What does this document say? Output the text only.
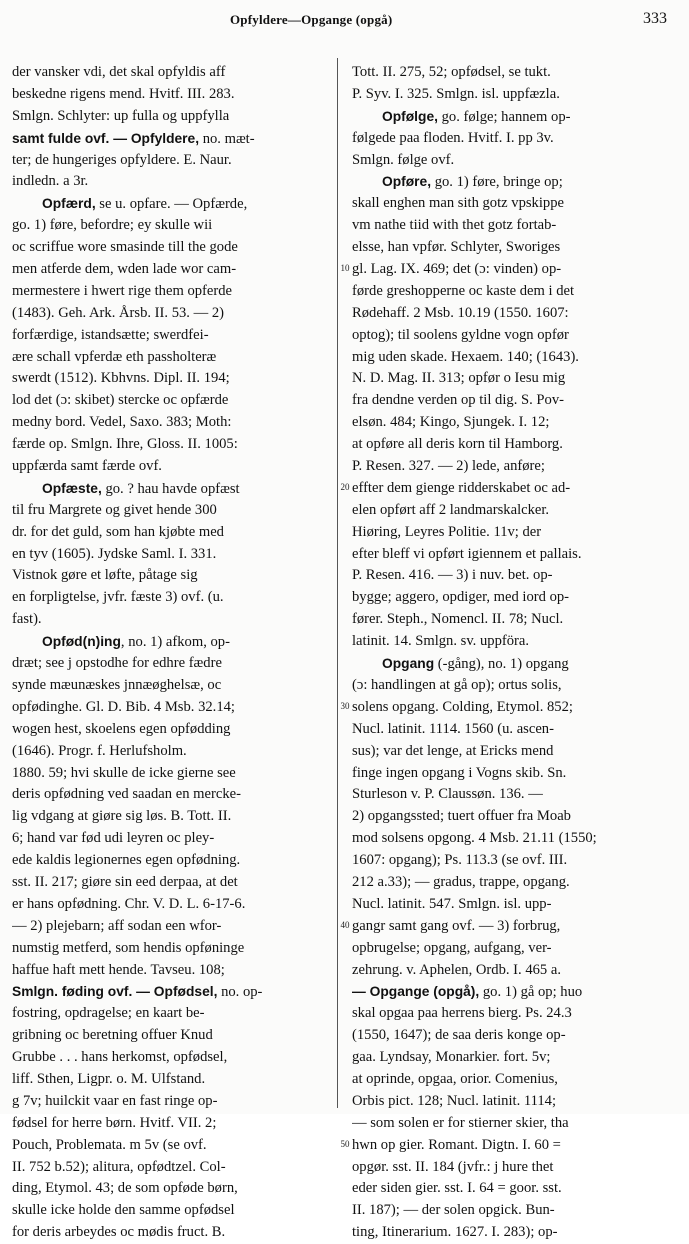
Opfyldere—Opgange (opgå)	333
der vansker vdi, det skal opfyldis aff
beskedne rigens mend. Hvitf. III. 283.
Smlgn. Schlyter: up fulla og uppfylla
samt fulde ovf. — Opfyldere, no. mæt-
ter; de hungeriges opfyldere. E. Naur.
indledn. a 3r.
Opfærd, se u. opfare. — Opfærde,
go. 1) føre, befordre; ey skulle wii
oc scriffue wore smasinde till the gode
men atferde dem, wden lade wor cam-
mermestere i hwert rige them opferde
(1483). Geh. Ark. Årsb. II. 53. — 2)
forfærdige, istandsætte; swerdfei-
ære schall vpferdæ eth passholteræ
swerdt (1512). Kbhvns. Dipl. II. 194;
lod det (ɔ: skibet) stercke oc opfærde
medny bord. Vedel, Saxo. 383; Moth:
færde op. Smlgn. Ihre, Gloss. II. 1005:
uppfærda samt færde ovf.
Opfæste, go. ? hau havde opfæst
til fru Margrete og givet hende 300
dr. for det guld, som han kjøbte med
en tyv (1605). Jydske Saml. I. 331.
Vistnok gøre et løfte, påtage sig
en forpligtelse, jvfr. fæste 3) ovf. (u.
fast).
Opfød(n)ing, no. 1) afkom, op-
dræt; see j opstodhe for edhre fædre
synde mæunæskes jnnæøghelsæ, oc
opfødinghe. Gl. D. Bib. 4 Msb. 32.14;
wogen hest, skoelens egen opfødding
(1646). Progr. f. Herlufsholm.
1880. 59; hvi skulle de icke gierne see
deris opfødning ved saadan en mercke-
lig vdgang at giøre sig løs. B. Tott. II.
6; hand var fød udi leyren oc pley-
ede kaldis legionernes egen opfødning.
sst. II. 217; giøre sin eed derpaa, at det
er hans opfødning. Chr. V. D. L. 6-17-6.
— 2) plejebarn; aff sodan een wfor-
numstig metferd, som hendis opføninge
haffue haft mett hende. Tavseu. 108;
Smlgn. føding ovf. — Opfødsel, no. op-
fostring, opdragelse; en kaart be-
gribning oc beretning offuer Knud
Grubbe . . . hans herkomst, opfødsel,
liff. Sthen, Ligpr. o. M. Ulfstand.
g 7v; huilckit vaar en fast ringe op-
fødsel for herre børn. Hvitf. VII. 2;
Pouch, Problemata. m 5v (se ovf.
II. 752 b.52); alitura, opfødtzel. Col-
ding, Etymol. 43; de som opføde børn,
skulle icke holde den samme opfødsel
for deris arbeydes oc mødis fruct. B.
Tott. II. 275, 52; opfødsel, se tukt.
P. Syv. I. 325. Smlgn. isl. uppfæzla.
Opfølge, go. følge; hannem op-
følgede paa floden. Hvitf. I. pp 3v.
Smlgn. følge ovf.
Opføre, go. 1) føre, bringe op;
skall enghen man sith gotz vpskippe
vm nathe tiid with thet gotz fortab-
elsse, han vpfør. Schlyter, Sworiges
gl. Lag. IX. 469; det (ɔ: vinden) op-
førde greshopperne oc kaste dem i det
Rødehaff. 2 Msb. 10.19 (1550. 1607:
optog); til soolens gyldne vogn opfør
mig uden skade. Hexaem. 140; (1643).
N. D. Mag. II. 313; opfør o Iesu mig
fra dendne verden op til dig. S. Pov-
elsøn. 484; Kingo, Sjungek. I. 12;
at opføre all deris korn til Hamborg.
P. Resen. 327. — 2) lede, anføre;
effter dem gienge ridderskabet oc ad-
elen opført aff 2 landmarskalcker.
Hiøring, Leyres Politie. 11v; der
efter bleff vi opført igiennem et pallais.
P. Resen. 416. — 3) i nuv. bet. op-
bygge; aggero, opdiger, med iord op-
fører. Steph., Nomencl. II. 78; Nucl.
latinit. 14. Smlgn. sv. uppföra.
Opgang (-gång), no. 1) opgang
(ɔ: handlingen at gå op); ortus solis,
solens opgang. Colding, Etymol. 852;
Nucl. latinit. 1114. 1560 (u. ascen-
sus); var det lenge, at Ericks mend
finge ingen opgang i Vogns skib. Sn.
Sturleson v. P. Claussøn. 136. —
2) opgangssted; tuert offuer fra Moab
mod solsens opgong. 4 Msb. 21.11 (1550;
1607: opgang); Ps. 113.3 (se ovf. III.
212 a.33); — gradus, trappe, opgang.
Nucl. latinit. 547. Smlgn. isl. upp-
gangr samt gang ovf. — 3) forbrug,
opbrugelse; opgang, aufgang, ver-
zehrung. v. Aphelen, Ordb. I. 465 a.
— Opgange (opgå), go. 1) gå op; huo
skal opgaa paa herrens bierg. Ps. 24.3
(1550, 1647); de saa deris konge op-
gaa. Lyndsay, Monarkier. fort. 5v;
at oprinde, opgaa, orior. Comenius,
Orbis pict. 128; Nucl. latinit. 1114;
— som solen er for stierner skier, tha
hwn op gier. Romant. Digtn. I. 60 =
opgør. sst. II. 184 (jvfr.: j hure thet
eder siden gier. sst. I. 64 = goor. sst.
II. 187); — der solen opgick. Bun-
ting, Itinerarium. 1627. I. 283); op-
10
20
30
40
50
